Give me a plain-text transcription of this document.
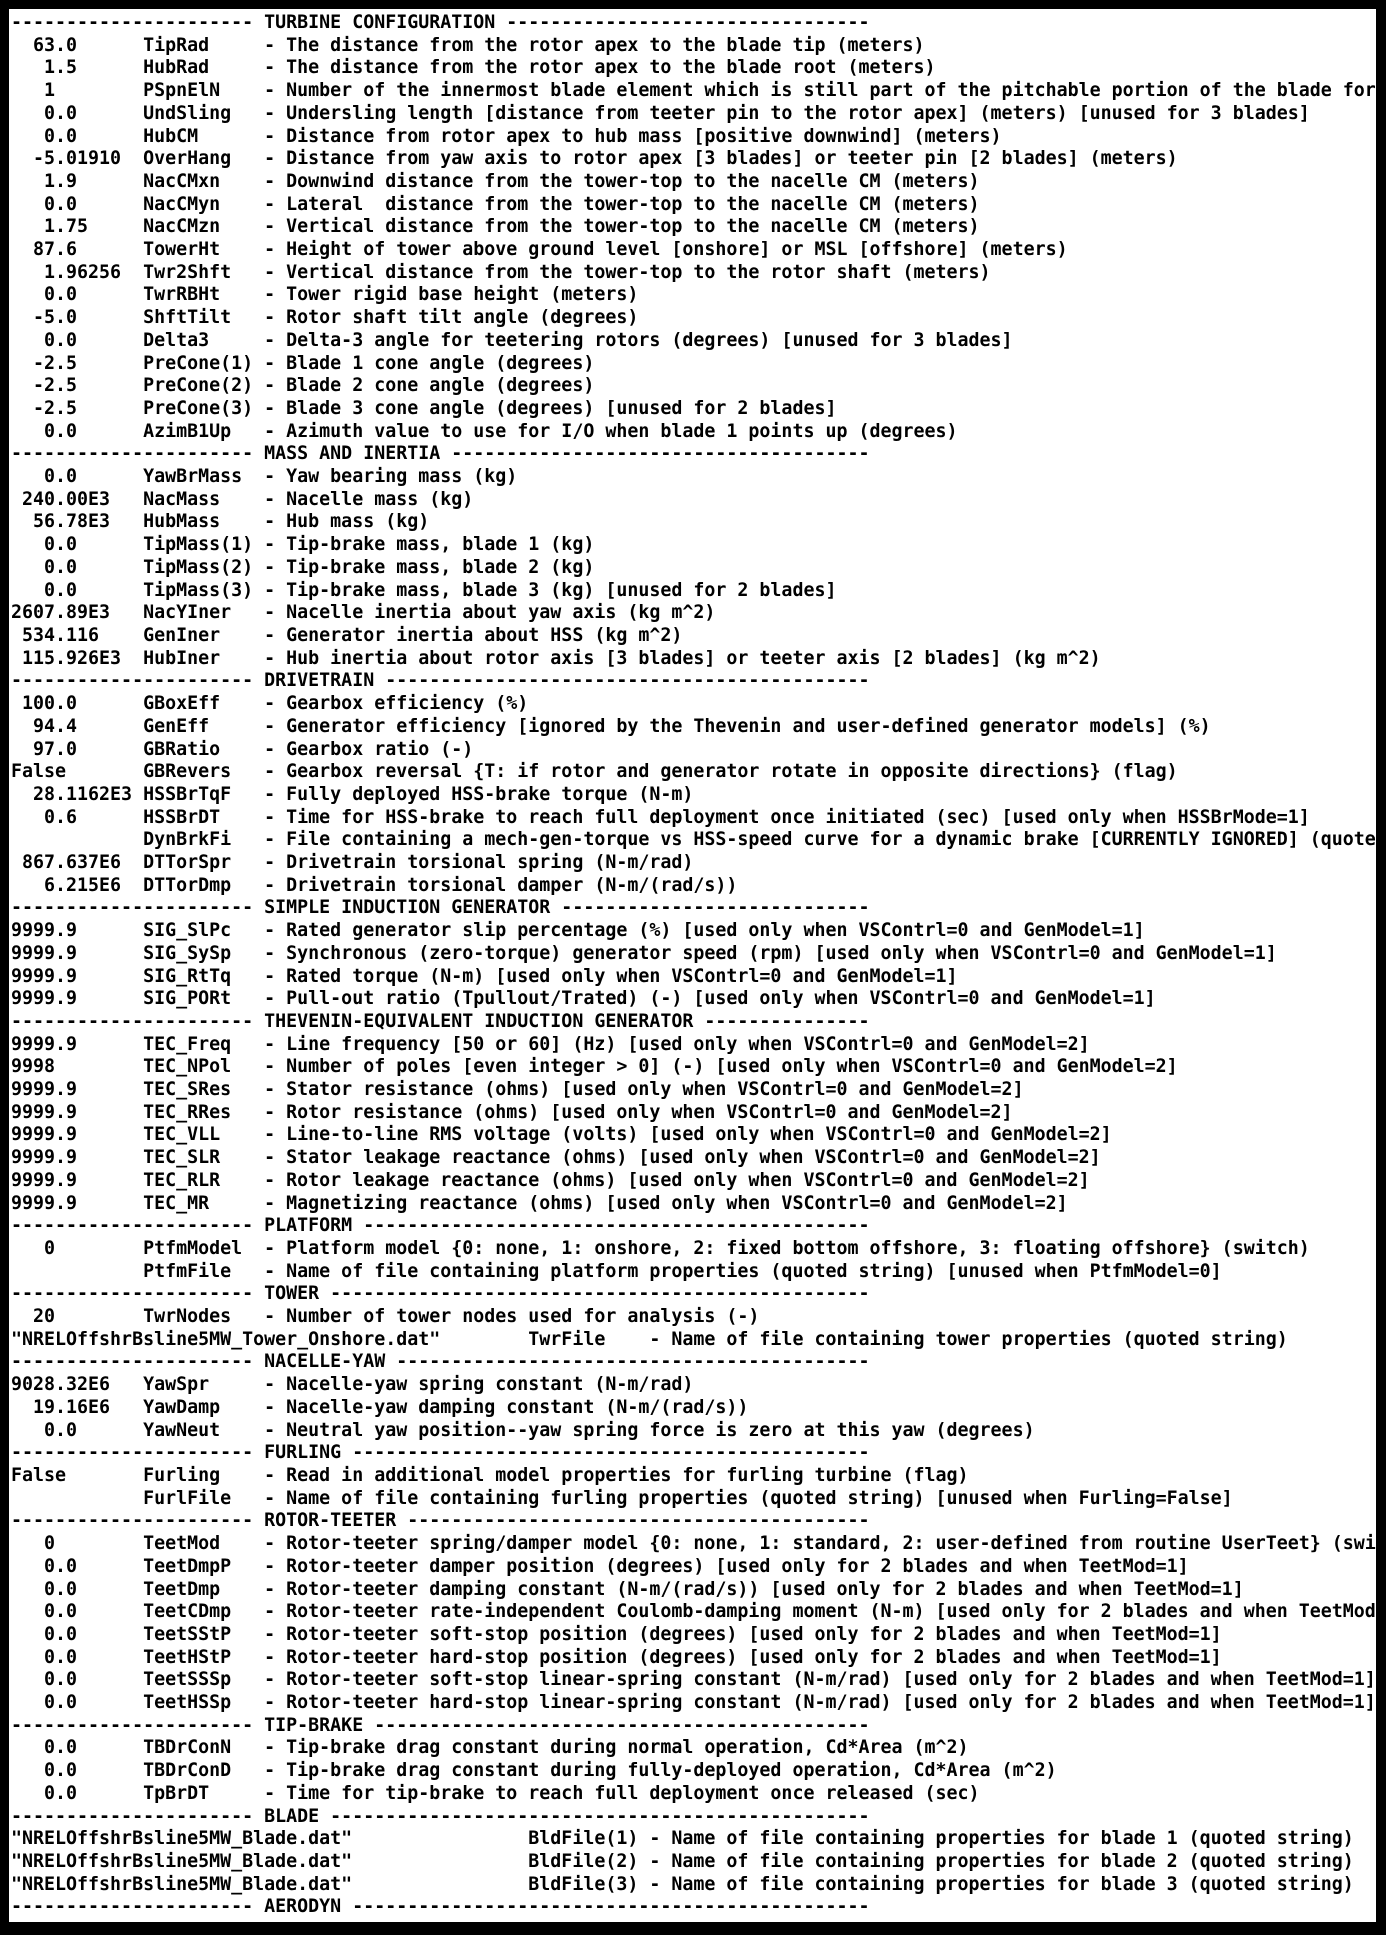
---------------------- TURBINE CONFIGURATION ---------------------------------
63.0      TipRad     - The distance from the rotor apex to the blade tip (meters)
1.5      HubRad     - The distance from the rotor apex to the blade root (meters)
1        PSpnElN    - Number of the innermost blade element which is still part of the pitchable portion of the blade for
0.0      UndSling   - Undersling length [distance from teeter pin to the rotor apex] (meters) [unused for 3 blades]
0.0      HubCM      - Distance from rotor apex to hub mass [positive downwind] (meters)
-5.01910  OverHang   - Distance from yaw axis to rotor apex [3 blades] or teeter pin [2 blades] (meters)
1.9      NacCMxn    - Downwind distance from the tower-top to the nacelle CM (meters)
0.0      NacCMyn    - Lateral  distance from the tower-top to the nacelle CM (meters)
1.75     NacCMzn    - Vertical distance from the tower-top to the nacelle CM (meters)
87.6      TowerHt    - Height of tower above ground level [onshore] or MSL [offshore] (meters)
1.96256  Twr2Shft   - Vertical distance from the tower-top to the rotor shaft (meters)
0.0      TwrRBHt    - Tower rigid base height (meters)
-5.0      ShftTilt   - Rotor shaft tilt angle (degrees)
0.0      Delta3     - Delta-3 angle for teetering rotors (degrees) [unused for 3 blades]
-2.5      PreCone(1) - Blade 1 cone angle (degrees)
-2.5      PreCone(2) - Blade 2 cone angle (degrees)
-2.5      PreCone(3) - Blade 3 cone angle (degrees) [unused for 2 blades]
0.0      AzimB1Up   - Azimuth value to use for I/O when blade 1 points up (degrees)
---------------------- MASS AND INERTIA --------------------------------------
0.0      YawBrMass  - Yaw bearing mass (kg)
240.00E3   NacMass    - Nacelle mass (kg)
56.78E3   HubMass    - Hub mass (kg)
0.0      TipMass(1) - Tip-brake mass, blade 1 (kg)
0.0      TipMass(2) - Tip-brake mass, blade 2 (kg)
0.0      TipMass(3) - Tip-brake mass, blade 3 (kg) [unused for 2 blades]
2607.89E3   NacYIner   - Nacelle inertia about yaw axis (kg m^2)
534.116    GenIner    - Generator inertia about HSS (kg m^2)
115.926E3  HubIner    - Hub inertia about rotor axis [3 blades] or teeter axis [2 blades] (kg m^2)
---------------------- DRIVETRAIN --------------------------------------------
100.0      GBoxEff    - Gearbox efficiency (%)
94.4      GenEff     - Generator efficiency [ignored by the Thevenin and user-defined generator models] (%)
97.0      GBRatio    - Gearbox ratio (-)
False       GBRevers   - Gearbox reversal {T: if rotor and generator rotate in opposite directions} (flag)
28.1162E3 HSSBrTqF   - Fully deployed HSS-brake torque (N-m)
0.6      HSSBrDT    - Time for HSS-brake to reach full deployment once initiated (sec) [used only when HSSBrMode=1]
DynBrkFi   - File containing a mech-gen-torque vs HSS-speed curve for a dynamic brake [CURRENTLY IGNORED] (quote
867.637E6  DTTorSpr   - Drivetrain torsional spring (N-m/rad)
6.215E6  DTTorDmp   - Drivetrain torsional damper (N-m/(rad/s))
---------------------- SIMPLE INDUCTION GENERATOR ----------------------------
9999.9      SIG_SlPc   - Rated generator slip percentage (%) [used only when VSContrl=0 and GenModel=1]
9999.9      SIG_SySp   - Synchronous (zero-torque) generator speed (rpm) [used only when VSContrl=0 and GenModel=1]
9999.9      SIG_RtTq   - Rated torque (N-m) [used only when VSContrl=0 and GenModel=1]
9999.9      SIG_PORt   - Pull-out ratio (Tpullout/Trated) (-) [used only when VSContrl=0 and GenModel=1]
---------------------- THEVENIN-EQUIVALENT INDUCTION GENERATOR ---------------
9999.9      TEC_Freq   - Line frequency [50 or 60] (Hz) [used only when VSContrl=0 and GenModel=2]
9998        TEC_NPol   - Number of poles [even integer > 0] (-) [used only when VSContrl=0 and GenModel=2]
9999.9      TEC_SRes   - Stator resistance (ohms) [used only when VSContrl=0 and GenModel=2]
9999.9      TEC_RRes   - Rotor resistance (ohms) [used only when VSContrl=0 and GenModel=2]
9999.9      TEC_VLL    - Line-to-line RMS voltage (volts) [used only when VSContrl=0 and GenModel=2]
9999.9      TEC_SLR    - Stator leakage reactance (ohms) [used only when VSContrl=0 and GenModel=2]
9999.9      TEC_RLR    - Rotor leakage reactance (ohms) [used only when VSContrl=0 and GenModel=2]
9999.9      TEC_MR     - Magnetizing reactance (ohms) [used only when VSContrl=0 and GenModel=2]
---------------------- PLATFORM ----------------------------------------------
0        PtfmModel  - Platform model {0: none, 1: onshore, 2: fixed bottom offshore, 3: floating offshore} (switch)
PtfmFile   - Name of file containing platform properties (quoted string) [unused when PtfmModel=0]
---------------------- TOWER -------------------------------------------------
20        TwrNodes   - Number of tower nodes used for analysis (-)
"NRELOffshrBsline5MW_Tower_Onshore.dat"        TwrFile    - Name of file containing tower properties (quoted string)
---------------------- NACELLE-YAW -------------------------------------------
9028.32E6   YawSpr     - Nacelle-yaw spring constant (N-m/rad)
19.16E6   YawDamp    - Nacelle-yaw damping constant (N-m/(rad/s))
0.0      YawNeut    - Neutral yaw position--yaw spring force is zero at this yaw (degrees)
---------------------- FURLING -----------------------------------------------
False       Furling    - Read in additional model properties for furling turbine (flag)
FurlFile   - Name of file containing furling properties (quoted string) [unused when Furling=False]
---------------------- ROTOR-TEETER ------------------------------------------
0        TeetMod    - Rotor-teeter spring/damper model {0: none, 1: standard, 2: user-defined from routine UserTeet} (swi
0.0      TeetDmpP   - Rotor-teeter damper position (degrees) [used only for 2 blades and when TeetMod=1]
0.0      TeetDmp    - Rotor-teeter damping constant (N-m/(rad/s)) [used only for 2 blades and when TeetMod=1]
0.0      TeetCDmp   - Rotor-teeter rate-independent Coulomb-damping moment (N-m) [used only for 2 blades and when TeetMod
0.0      TeetSStP   - Rotor-teeter soft-stop position (degrees) [used only for 2 blades and when TeetMod=1]
0.0      TeetHStP   - Rotor-teeter hard-stop position (degrees) [used only for 2 blades and when TeetMod=1]
0.0      TeetSSSp   - Rotor-teeter soft-stop linear-spring constant (N-m/rad) [used only for 2 blades and when TeetMod=1]
0.0      TeetHSSp   - Rotor-teeter hard-stop linear-spring constant (N-m/rad) [used only for 2 blades and when TeetMod=1]
---------------------- TIP-BRAKE ---------------------------------------------
0.0      TBDrConN   - Tip-brake drag constant during normal operation, Cd*Area (m^2)
0.0      TBDrConD   - Tip-brake drag constant during fully-deployed operation, Cd*Area (m^2)
0.0      TpBrDT     - Time for tip-brake to reach full deployment once released (sec)
---------------------- BLADE -------------------------------------------------
"NRELOffshrBsline5MW_Blade.dat"                BldFile(1) - Name of file containing properties for blade 1 (quoted string)
"NRELOffshrBsline5MW_Blade.dat"                BldFile(2) - Name of file containing properties for blade 2 (quoted string)
"NRELOffshrBsline5MW_Blade.dat"                BldFile(3) - Name of file containing properties for blade 3 (quoted string)
---------------------- AERODYN -----------------------------------------------
